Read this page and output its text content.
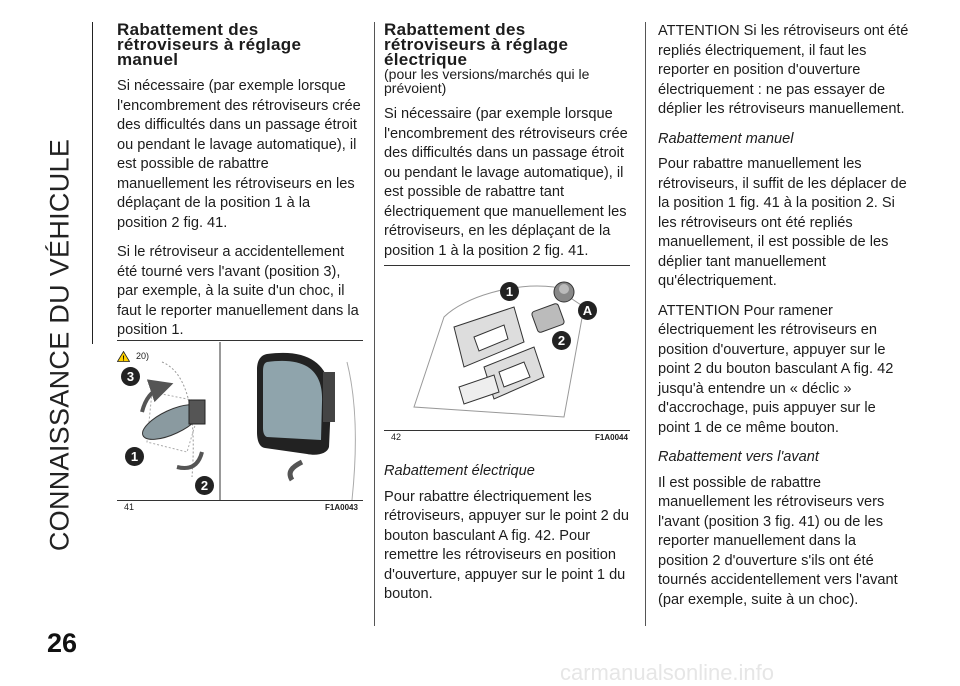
CONNAISSANCE DU VÉHICULE
26
Rabattement des rétroviseurs à réglage manuel

Si nécessaire (par exemple lorsque l'encombrement des rétroviseurs crée des difficultés dans un passage étroit ou pendant le lavage automatique), il est possible de rabattre manuellement les rétroviseurs en les déplaçant de la position 1 à la position 2 fig. 41.

Si le rétroviseur a accidentellement été tourné vers l'avant (position 3), par exemple, à la suite d'un choc, il faut le reporter manuellement dans la position 1.

! 20)
41	F1A0043
3
1
2
Rabattement des rétroviseurs à réglage électrique
(pour les versions/marchés qui le prévoient)

Si nécessaire (par exemple lorsque l'encombrement des rétroviseurs crée des difficultés dans un passage étroit ou pendant le lavage automatique), il est possible de rabattre tant électriquement que manuellement les rétroviseurs, en les déplaçant de la position 1 à la position 2 fig. 41.

42	F1A0044
1
A
2

Rabattement électrique

Pour rabattre électriquement les rétroviseurs, appuyer sur le point 2 du bouton basculant A fig. 42. Pour remettre les rétroviseurs en position d'ouverture, appuyer sur le point 1 du bouton.

ATTENTION Si les rétroviseurs ont été repliés électriquement, il faut les reporter en position d'ouverture électriquement : ne pas essayer de déplier les rétroviseurs manuellement.

Rabattement manuel

Pour rabattre manuellement les rétroviseurs, il suffit de les déplacer de la position 1 fig. 41 à la position 2. Si les rétroviseurs ont été repliés manuellement, il est possible de les déplier tant manuellement qu'électriquement.

ATTENTION Pour ramener électriquement les rétroviseurs en position d'ouverture, appuyer sur le point 2 du bouton basculant A fig. 42 jusqu'à entendre un « déclic » d'accrochage, puis appuyer sur le point 1 de ce même bouton.

Rabattement vers l'avant

Il est possible de rabattre manuellement les rétroviseurs vers l'avant (position 3 fig. 41) ou de les reporter manuellement dans la position 2 d'ouverture s'ils ont été tournés accidentellement vers l'avant (par exemple, suite à un choc).

carmanualsonline.info
